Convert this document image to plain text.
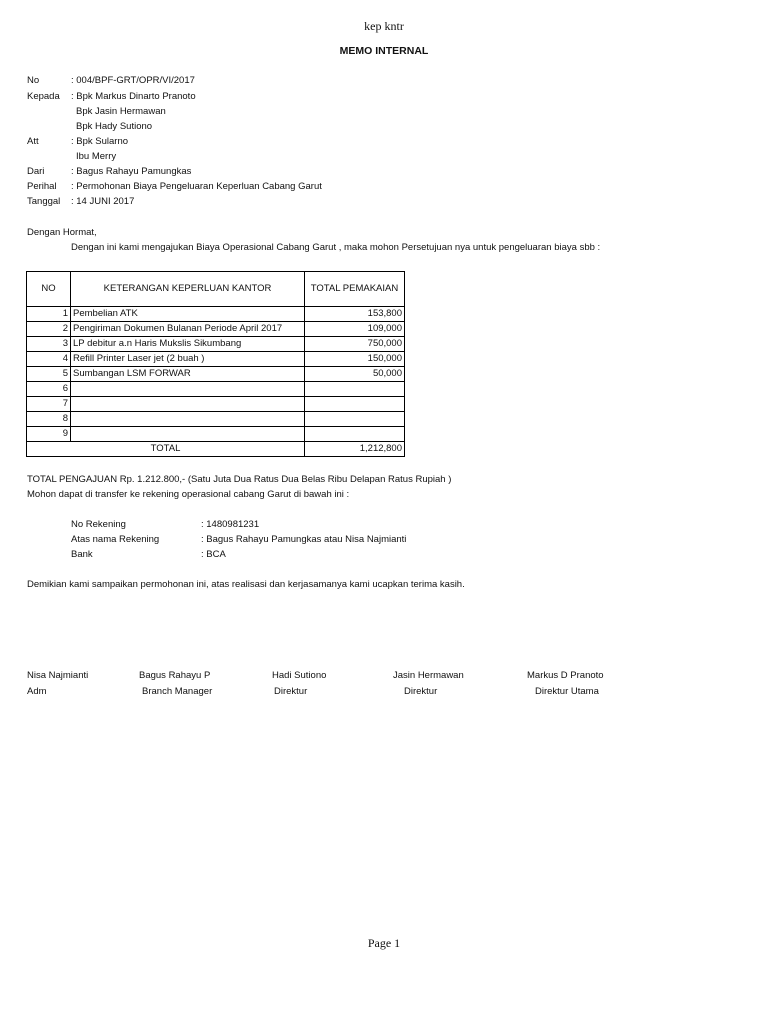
kep kntr
MEMO INTERNAL
No	: 004/BPF-GRT/OPR/VI/2017
Kepada : Bpk Markus Dinarto Pranoto
Bpk Jasin Hermawan
Bpk Hady Sutiono
Att	: Bpk Sularno
Ibu Merry
Dari	: Bagus Rahayu Pamungkas
Perihal : Permohonan Biaya Pengeluaran Keperluan Cabang Garut
Tanggal : 14 JUNI 2017
Dengan Hormat,
Dengan ini kami mengajukan Biaya Operasional Cabang Garut , maka mohon Persetujuan nya untuk pengeluaran biaya sbb :
NO	KETERANGAN KEPERLUAN KANTOR	TOTAL PEMAKAIAN
1	Pembelian ATK	153,800
2	Pengiriman Dokumen Bulanan Periode April 2017	109,000
3	LP debitur a.n Haris Mukslis Sikumbang	750,000
4	Refill Printer Laser jet (2 buah )	150,000
5	Sumbangan LSM FORWAR	50,000
6		
7		
8		
9		
TOTAL		1,212,800
TOTAL PENGAJUAN Rp. 1.212.800,- (Satu Juta Dua Ratus Dua Belas Ribu Delapan Ratus Rupiah )
Mohon dapat di transfer ke rekening operasional cabang Garut di bawah ini :
No Rekening	: 1480981231
Atas nama Rekening	: Bagus Rahayu Pamungkas atau Nisa Najmianti
Bank	: BCA
Demikian kami sampaikan permohonan ini, atas realisasi dan kerjasamanya kami ucapkan terima kasih.
Nisa Najmianti
Adm
Bagus Rahayu P
Branch Manager
Hadi Sutiono
Direktur
Jasin Hermawan
Direktur
Markus D Pranoto
Direktur Utama
Page 1
